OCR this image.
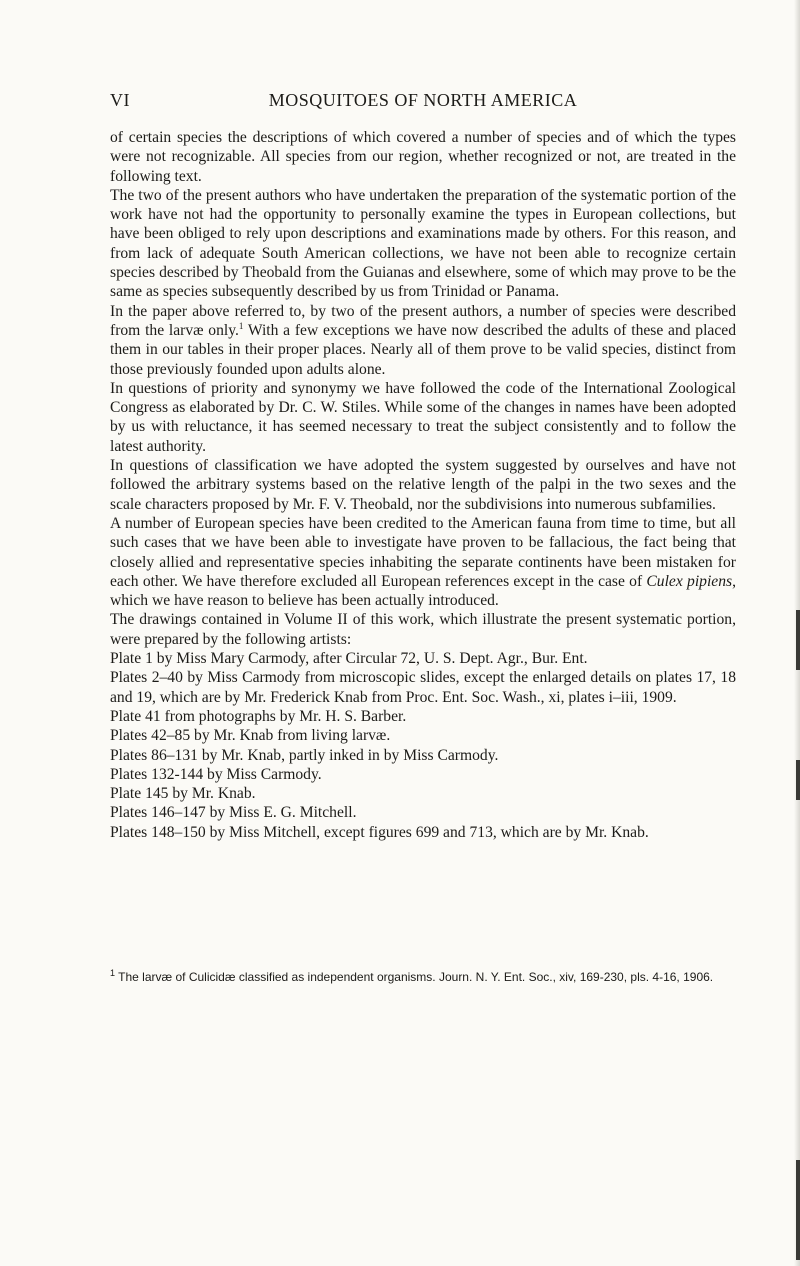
VI	MOSQUITOES OF NORTH AMERICA

of certain species the descriptions of which covered a number of species and of which the types were not recognizable. All species from our region, whether recognized or not, are treated in the following text.

The two of the present authors who have undertaken the preparation of the systematic portion of the work have not had the opportunity to personally examine the types in European collections, but have been obliged to rely upon descriptions and examinations made by others. For this reason, and from lack of adequate South American collections, we have not been able to recognize certain species described by Theobald from the Guianas and elsewhere, some of which may prove to be the same as species subsequently described by us from Trinidad or Panama.

In the paper above referred to, by two of the present authors, a number of species were described from the larvæ only.$^1$ With a few exceptions we have now described the adults of these and placed them in our tables in their proper places. Nearly all of them prove to be valid species, distinct from those previously founded upon adults alone.

In questions of priority and synonymy we have followed the code of the International Zoological Congress as elaborated by Dr. C. W. Stiles. While some of the changes in names have been adopted by us with reluctance, it has seemed necessary to treat the subject consistently and to follow the latest authority.

In questions of classification we have adopted the system suggested by ourselves and have not followed the arbitrary systems based on the relative length of the palpi in the two sexes and the scale characters proposed by Mr. F. V. Theobald, nor the subdivisions into numerous subfamilies.

A number of European species have been credited to the American fauna from time to time, but all such cases that we have been able to investigate have proven to be fallacious, the fact being that closely allied and representative species inhabiting the separate continents have been mistaken for each other. We have therefore excluded all European references except in the case of Culex pipiens, which we have reason to believe has been actually introduced.

The drawings contained in Volume II of this work, which illustrate the present systematic portion, were prepared by the following artists:

Plate 1 by Miss Mary Carmody, after Circular 72, U. S. Dept. Agr., Bur. Ent.

Plates 2–40 by Miss Carmody from microscopic slides, except the enlarged details on plates 17, 18 and 19, which are by Mr. Frederick Knab from Proc. Ent. Soc. Wash., xi, plates i–iii, 1909.

Plate 41 from photographs by Mr. H. S. Barber.

Plates 42–85 by Mr. Knab from living larvæ.

Plates 86–131 by Mr. Knab, partly inked in by Miss Carmody.

Plates 132-144 by Miss Carmody.

Plate 145 by Mr. Knab.

Plates 146–147 by Miss E. G. Mitchell.

Plates 148–150 by Miss Mitchell, except figures 699 and 713, which are by Mr. Knab.

$^1$ The larvæ of Culicidæ classified as independent organisms. Journ. N. Y. Ent. Soc., xiv, 169-230, pls. 4-16, 1906.
